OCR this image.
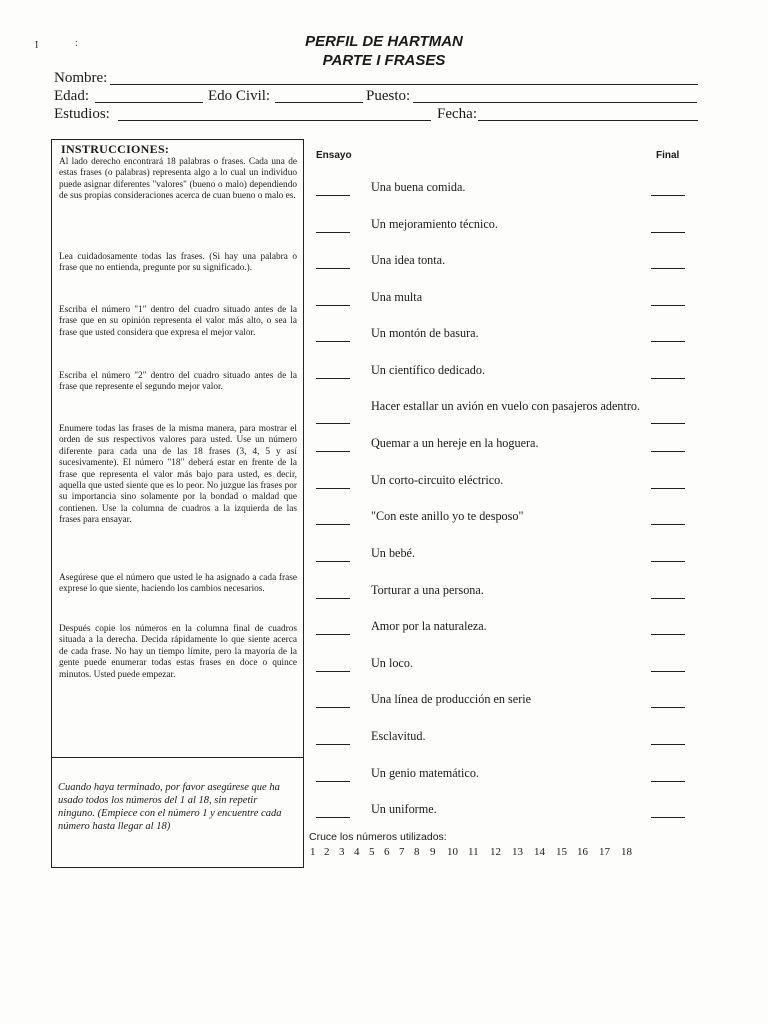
I	:	PERFIL DE HARTMAN
PARTE I FRASES
Nombre:
Edad:	Edo Civil:	Puesto:
Estudios:	Fecha:
INSTRUCCIONES:

Al lado derecho encontrará 18 palabras o frases. Cada una de estas frases (o palabras) representa algo a lo cual un individuo puede asignar diferentes "valores" (bueno o malo) dependiendo de sus propias consideraciones acerca de cuan bueno o malo es.

Lea cuidadosamente todas las frases. (Si hay una palabra o frase que no entienda, pregunte por su significado.).

Escriba el número "1" dentro del cuadro situado antes de la frase que en su opinión representa el valor más alto, o sea la frase que usted considera que expresa el mejor valor.

Escriba el número "2" dentro del cuadro situado antes de la frase que represente el segundo mejor valor.

Enumere todas las frases de la misma manera, para mostrar el orden de sus respectivos valores para usted. Use un número diferente para cada una de las 18 frases (3, 4, 5 y así sucesivamente). El número "18" deberá estar en frente de la frase que representa el valor más bajo para usted, es decir, aquella que usted siente que es lo peor. No juzgue las frases por su importancia sino solamente por la bondad o maldad que contienen. Use la columna de cuadros a la izquierda de las frases para ensayar.

Asegúrese que el número que usted le ha asignado a cada frase exprese lo que siente, haciendo los cambios necesarios.

Después copie los números en la columna final de cuadros situada a la derecha. Decida rápidamente lo que siente acerca de cada frase. No hay un tiempo límite, pero la mayoría de la gente puede enumerar todas estas frases en doce o quince minutos. Usted puede empezar.

Cuando haya terminado, por favor asegúrese que ha usado todos los números del 1 al 18, sin repetir ninguno. (Empiece con el número 1 y encuentre cada número hasta llegar al 18)

Ensayo	Final
Una buena comida.
Un mejoramiento técnico.
Una idea tonta.
Una multa
Un montón de basura.
Un científico dedicado.
Hacer estallar un avión en vuelo con pasajeros adentro.
Quemar a un hereje en la hoguera.
Un corto-circuito eléctrico.
"Con este anillo yo te desposo"
Un bebé.
Torturar a una persona.
Amor por la naturaleza.
Un loco.
Una línea de producción en serie
Esclavitud.
Un genio matemático.
Un uniforme.
Cruce los números utilizados:
1 2 3 4 5 6 7 8 9 10 11 12 13 14 15 16 17 18
